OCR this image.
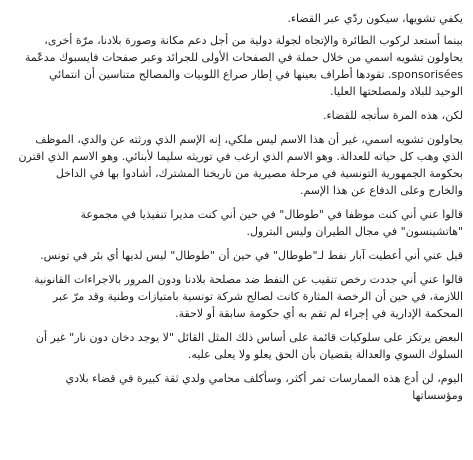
يكفي تشويها، سيكون ردّي عبر القضاء.

بينما أستعد لركوب الطائرة والإتجاه لجولة دولية من أجل دعم مكانة وصورة بلادنا، مرّة أخرى، يحاولون تشويه اسمي من خلال حملة في الصفحات الأولى للجرائد وعبر صفحات فايسبوك مدعّمة sponsorisées. تقودها أطراف بعينها في إطار صراع اللوبيات والمصالح متناسين أن انتمائي الوحيد للبلاد ولمصلحتها العليا.

لكن، هذه المرة سأتجه للقضاء.

يحاولون تشويه اسمي، غير أن هذا الاسم ليس ملكي، إنه الإسم الذي ورثته عن والدي، الموظف الذي وهب كل حياته للعدالة. وهو الاسم الذي ارغب في توريثه سليما لأبنائي. وهو الاسم الذي اقترن بحكومة الجمهورية التونسية في مرحلة مصيرية من تاريخنا المشترك، أشادوا بها في الداخل والخارج وعلى الدفاع عن هذا الإسم.

قالوا عني أني كنت موظفا في "طوطال" في حين أني كنت مديرا تنفيذيا في مجموعة "هاتشينسون" في مجال الطيران وليس البترول.

قيل عني أني أعطيت آبار نفط لـ"طوطال" في حين أن "طوطال" ليس لديها أي بئر في تونس.

قالوا عني أني جددت رخص تنقيب عن النفط ضد مصلحة بلادنا ودون المرور بالاجراءات القانونية اللازمة، في حين أن الرخصة المثارة كانت لصالح شركة تونسية بامتيازات وطنية وقد مرّ عبر المحكمة الإدارية في إجراء لم تقم به أي حكومة سابقة أو لاحقة.

البعض يرتكز على سلوكيات قائمة على أساس ذلك المثل القائل "لا يوجد دخان دون نار" غير أن السلوك السوي والعدالة يقضيان بأن الحق يعلو ولا يعلى عليه.

اليوم، لن أدع هذه الممارسات تمر أكثر، وسأكلف محامي ولدي ثقة كبيرة في قضاء بلادي ومؤسساتها
